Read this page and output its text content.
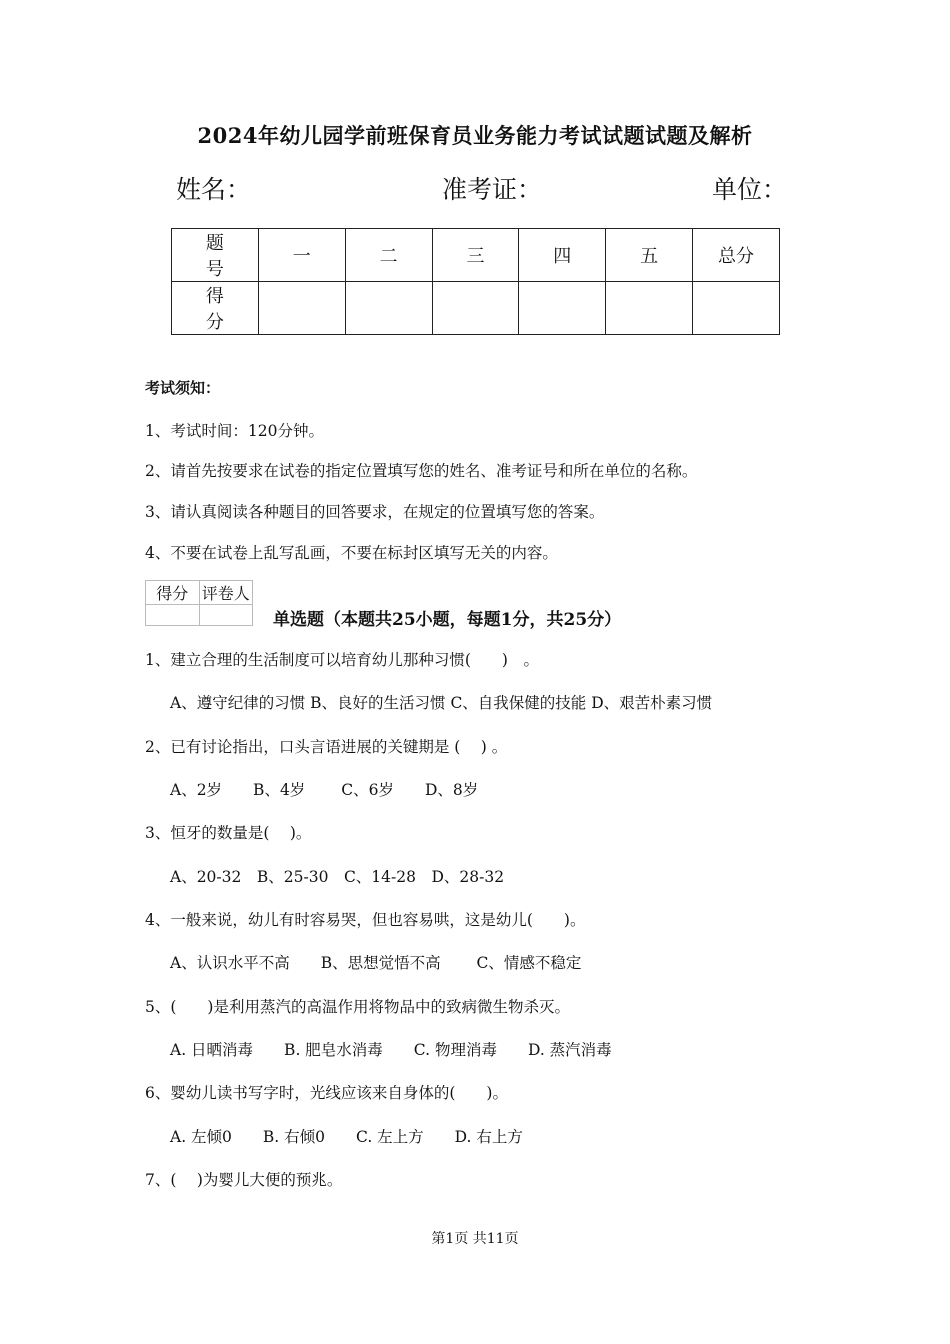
2024年幼儿园学前班保育员业务能力考试试题试题及解析
姓名：	准考证：	单位：
题 号	一	二	三	四	五	总分
得 分						
考试须知：
1、考试时间：120分钟。
2、请首先按要求在试卷的指定位置填写您的姓名、准考证号和所在单位的名称。
3、请认真阅读各种题目的回答要求，在规定的位置填写您的答案。
4、不要在试卷上乱写乱画，不要在标封区填写无关的内容。
得分	评卷人

单选题（本题共25小题，每题1分，共25分）
1、建立合理的生活制度可以培育幼儿那种习惯(　　)　。
A、遵守纪律的习惯 B、良好的生活习惯 C、自我保健的技能 D、艰苦朴素习惯
2、已有讨论指出，口头言语进展的关键期是 (　 ) 。
A、2岁　　B、4岁　　 C、6岁　　D、8岁
3、恒牙的数量是(　 )。
A、20-32　B、25-30　C、14-28　D、28-32
4、一般来说，幼儿有时容易哭，但也容易哄，这是幼儿(　　)。
A、认识水平不高　　B、思想觉悟不高　　 C、情感不稳定
5、(　　)是利用蒸汽的高温作用将物品中的致病微生物杀灭。
A. 日晒消毒　　B. 肥皂水消毒　　C. 物理消毒　　D. 蒸汽消毒
6、婴幼儿读书写字时，光线应该来自身体的(　　)。
A. 左倾0　　B. 右倾0　　C. 左上方　　D. 右上方
7、(　 )为婴儿大便的预兆。
第1页 共11页
